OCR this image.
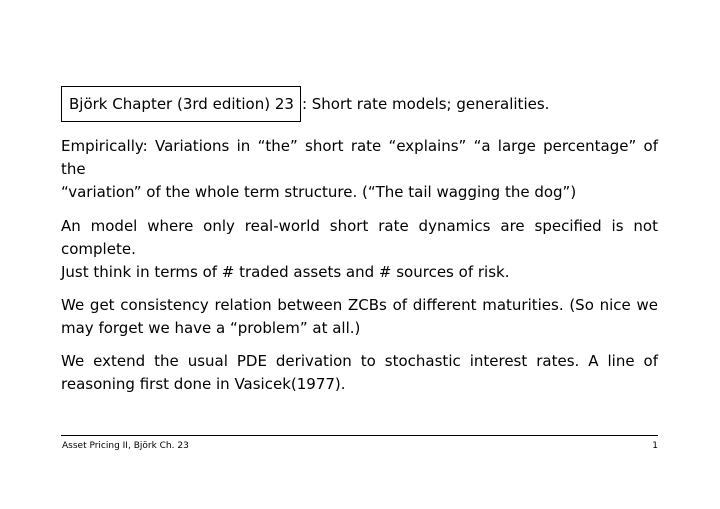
Björk Chapter (3rd edition) 23 : Short rate models; generalities.

Empirically: Variations in “the” short rate “explains” “a large percentage” of the
“variation” of the whole term structure. (“The tail wagging the dog”)

An model where only real-world short rate dynamics are specified is not complete.
Just think in terms of # traded assets and # sources of risk.

We get consistency relation between ZCBs of different maturities. (So nice we
may forget we have a “problem” at all.)

We extend the usual PDE derivation to stochastic interest rates. A line of
reasoning first done in Vasicek(1977).

Asset Pricing II, Björk Ch. 23	1
